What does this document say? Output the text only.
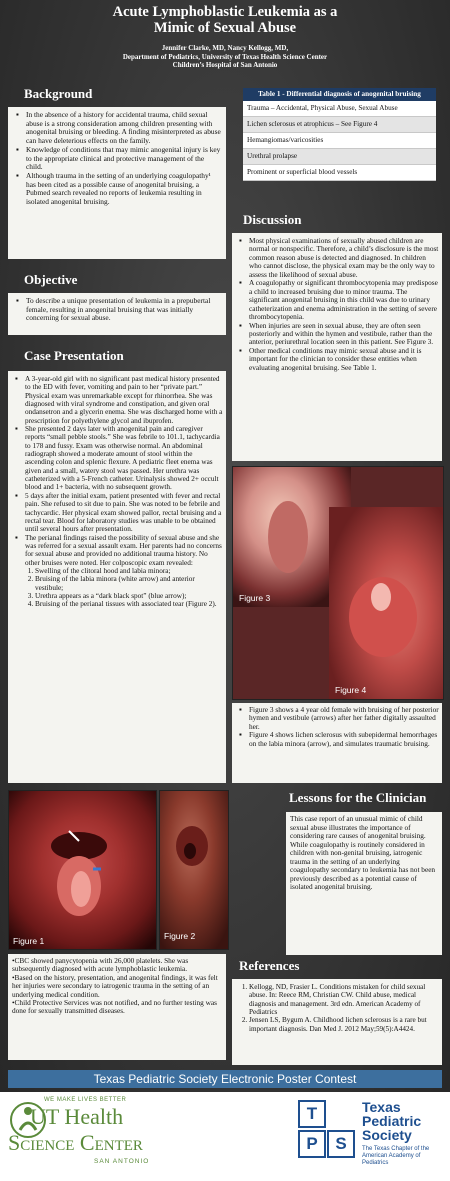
Acute Lymphoblastic Leukemia as a
Mimic of Sexual Abuse
Jennifer Clarke, MD, Nancy Kellogg, MD,
Department of Pediatrics, University of Texas Health Science Center
Children’s Hospital of San Antonio
Background
▪ In the absence of a history for accidental trauma, child sexual abuse is a strong consideration among children presenting with anogenital bruising or bleeding. A finding misinterpreted as abuse can have deleterious effects on the family.
▪ Knowledge of conditions that may mimic anogenital injury is key to the appropriate clinical and protective management of the child.
▪ Although trauma in the setting of an underlying coagulopathy¹ has been cited as a possible cause of anogenital bruising, a Pubmed search revealed no reports of leukemia resulting in isolated anogenital bruising.
Objective
▪ To describe a unique presentation of leukemia in a prepubertal female, resulting in anogenital bruising that was initially concerning for sexual abuse.
Case Presentation
▪ A 3-year-old girl with no significant past medical history presented to the ED with fever, vomiting and pain to her “private part.” Physical exam was unremarkable except for rhinorrhea. She was diagnosed with viral syndrome and constipation, and given oral ondansetron and a glycerin enema. She was discharged home with a prescription for polyethylene glycol and ibuprofen.
▪ She presented 2 days later with anogenital pain and caregiver reports “small pebble stools.” She was febrile to 101.1, tachycardia to 178 and fussy. Exam was otherwise normal. An abdominal radiograph showed a moderate amount of stool within the ascending colon and splenic flexure. A pediatric fleet enema was given and a small, watery stool was passed. Her urethra was catheterized with a 5-French catheter. Urinalysis showed 2+ occult blood and 1+ bacteria, with no subsequent growth.
▪ 5 days after the initial exam, patient presented with fever and rectal pain. She refused to sit due to pain. She was noted to be febrile and tachycardic. Her physical exam showed pallor, rectal bruising and a rectal tear. Blood for laboratory studies was unable to be obtained until several hours after presentation.
▪ The perianal findings raised the possibility of sexual abuse and she was referred for a sexual assault exam. Her parents had no concerns for sexual abuse and provided no additional trauma history. No other bruises were noted. Her colposcopic exam revealed:
1. Swelling of the clitoral hood and labia minora;
2. Bruising of the labia minora (white arrow) and anterior vestibule;
3. Urethra appears as a “dark black spot” (blue arrow);
4. Bruising of the perianal tissues with associated tear (Figure 2).
Figure 1	Figure 2
•CBC showed panycytopenia with 26,000 platelets. She was subsequently diagnosed with acute lymphoblastic leukemia.
•Based on the history, presentation, and anogenital findings, it was felt her injuries were secondary to iatrogenic trauma in the setting of an underlying medical condition.
•Child Protective Services was not notified, and no further testing was done for sexually transmitted diseases.
Table 1 - Differential diagnosis of anogenital bruising
Trauma – Accidental, Physical Abuse, Sexual Abuse
Lichen sclerosus et atrophicus – See Figure 4
Hemangiomas/varicosities
Urethral prolapse
Prominent or superficial blood vessels
Discussion
▪ Most physical examinations of sexually abused children are normal or nonspecific. Therefore, a child’s disclosure is the most common reason abuse is detected and diagnosed. In children who cannot disclose, the physical exam may be the only way to assess the likelihood of sexual abuse.
▪ A coagulopathy or significant thrombocytopenia may predispose a child to increased bruising due to minor trauma. The significant anogenital bruising in this child was due to urinary catheterization and enema administration in the setting of severe thrombocytopenia.
▪ When injuries are seen in sexual abuse, they are often seen posteriorly and within the hymen and vestibule, rather than the anterior, periurethral location seen in this patient. See Figure 3.
▪ Other medical conditions may mimic sexual abuse and it is important for the clinician to consider these entities when evaluating anogenital bruising. See Table 1.
Figure 3
Figure 4
▪ Figure 3 shows a 4 year old female with bruising of her posterior hymen and vestibule (arrows) after her father digitally assaulted her.
▪ Figure 4 shows lichen sclerosus with subepidermal hemorrhages on the labia minora (arrow), and simulates traumatic bruising.
Lessons for the Clinician
This case report of an unusual mimic of child sexual abuse illustrates the importance of considering rare causes of anogenital bruising.
While coagulopathy is routinely considered in children with non-genital bruising, iatrogenic trauma in the setting of an underlying coagulopathy secondary to leukemia has not been previously described as a potential cause of isolated anogenital bruising.
References
1. Kellogg, ND, Frasier L. Conditions mistaken for child sexual abuse. In: Reece RM, Christian CW. Child abuse, medical diagnosis and management. 3rd edn. American Academy of Pediatrics
2. Jensen LS, Bygum A. Childhood lichen sclerosus is a rare but important diagnosis. Dan Med J. 2012 May;59(5):A4424.
Texas Pediatric Society Electronic Poster Contest
WE MAKE LIVES BETTER
UT Health
Science Center
SAN ANTONIO
T
P	S
Texas
Pediatric
Society
The Texas Chapter of the American Academy of Pediatrics
